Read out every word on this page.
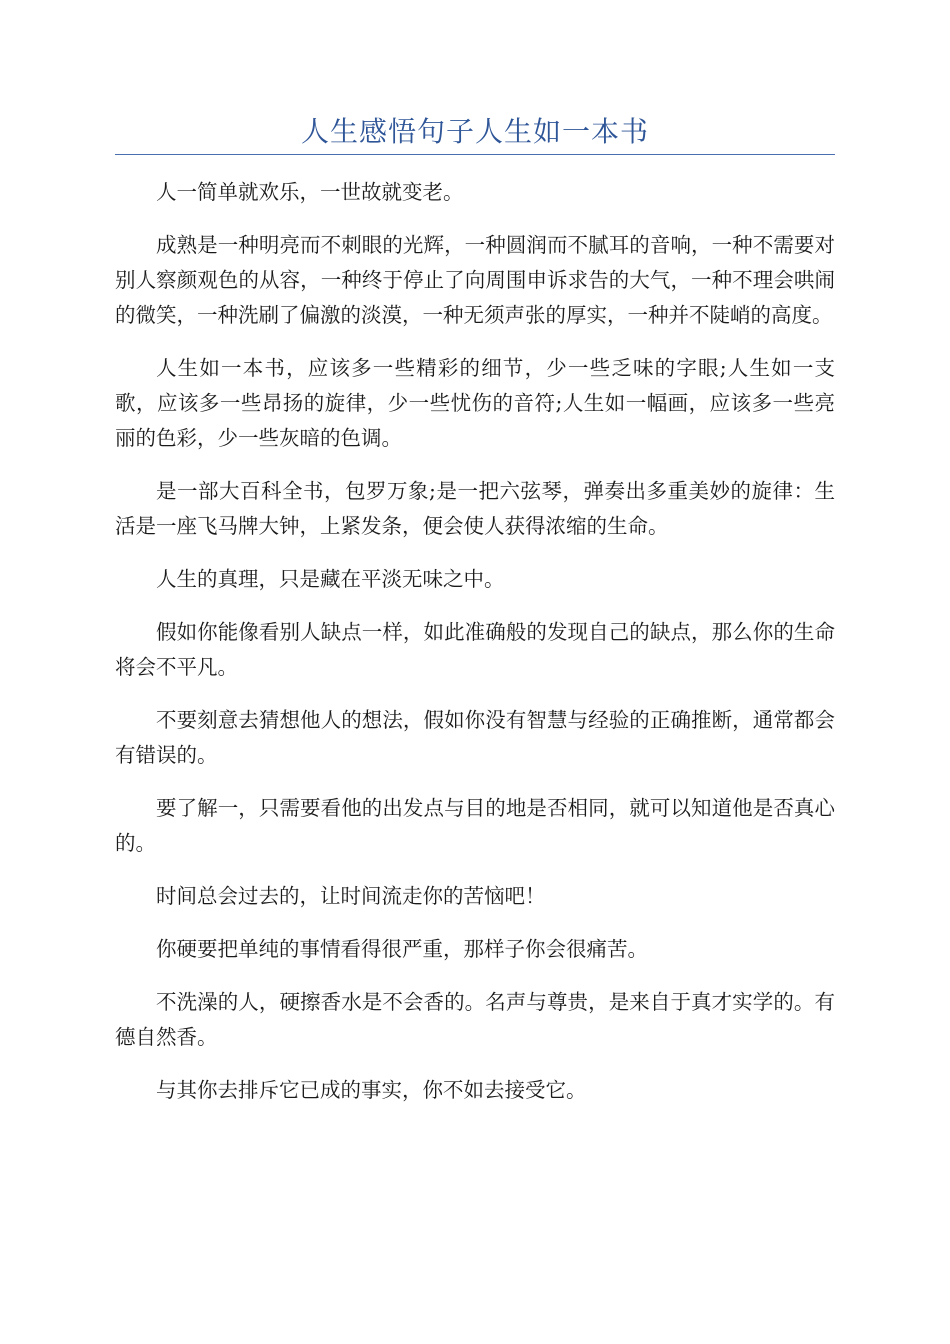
人生感悟句子人生如一本书

人一简单就欢乐，一世故就变老。

成熟是一种明亮而不刺眼的光辉，一种圆润而不腻耳的音响，一种不需要对别人察颜观色的从容，一种终于停止了向周围申诉求告的大气，一种不理会哄闹的微笑，一种洗刷了偏激的淡漠，一种无须声张的厚实，一种并不陡峭的高度。

人生如一本书，应该多一些精彩的细节，少一些乏味的字眼;人生如一支歌，应该多一些昂扬的旋律，少一些忧伤的音符;人生如一幅画，应该多一些亮丽的色彩，少一些灰暗的色调。

是一部大百科全书，包罗万象;是一把六弦琴，弹奏出多重美妙的旋律：生活是一座飞马牌大钟，上紧发条，便会使人获得浓缩的生命。

人生的真理，只是藏在平淡无味之中。

假如你能像看别人缺点一样，如此准确般的发现自己的缺点，那么你的生命将会不平凡。

不要刻意去猜想他人的想法，假如你没有智慧与经验的正确推断，通常都会有错误的。

要了解一，只需要看他的出发点与目的地是否相同，就可以知道他是否真心的。

时间总会过去的，让时间流走你的苦恼吧！

你硬要把单纯的事情看得很严重，那样子你会很痛苦。

不洗澡的人，硬擦香水是不会香的。名声与尊贵，是来自于真才实学的。有德自然香。

与其你去排斥它已成的事实，你不如去接受它。
